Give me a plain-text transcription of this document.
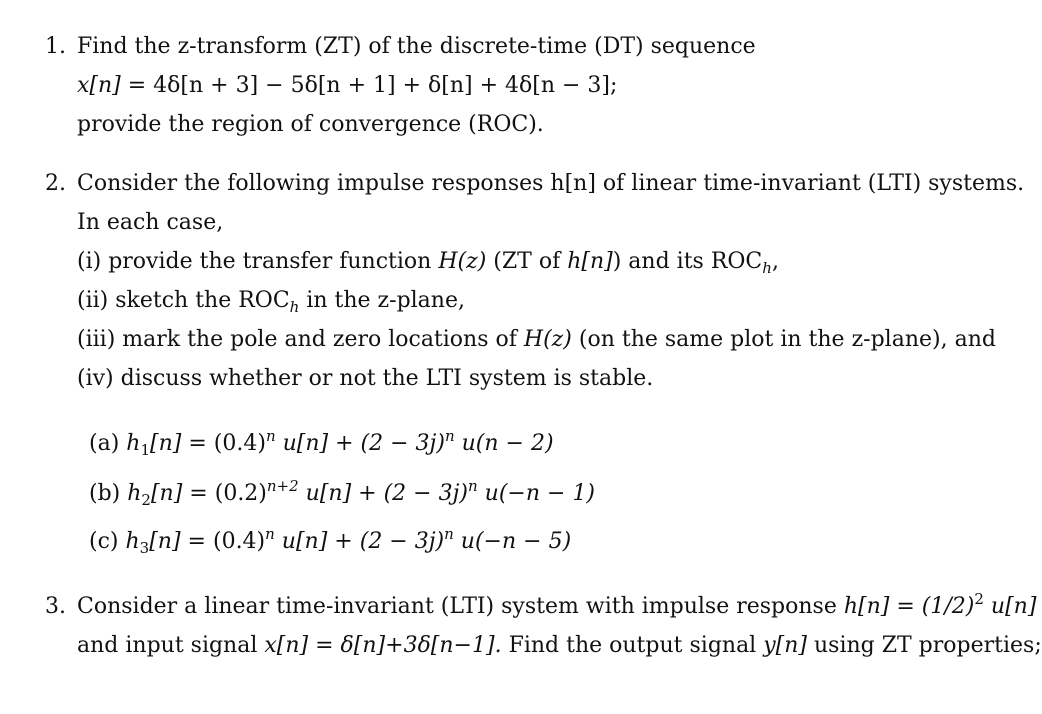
1. Find the z-transform (ZT) of the discrete-time (DT) sequence
x[n] = 4δ[n + 3] − 5δ[n + 1] + δ[n] + 4δ[n − 3];
provide the region of convergence (ROC).
2. Consider the following impulse responses h[n] of linear time-invariant (LTI) systems.
In each case,
(i) provide the transfer function H(z) (ZT of h[n]) and its $ROC_h$,
(ii) sketch the $ROC_h$ in the z-plane,
(iii) mark the pole and zero locations of H(z) (on the same plot in the z-plane), and
(iv) discuss whether or not the LTI system is stable.
(a) $h_1[n] = (0.4)^n$ $u[n] + (2 - 3j)^n$ u(n − 2)
(b) $h_2[n] = (0.2)^{n+2}$ $u[n] + (2 - 3j)^n$ u(−n − 1)
(c) $h_3[n] = (0.4)^n$ $u[n] + (2 - 3j)^n$ u(−n − 5)
3. Consider a linear time-invariant (LTI) system with impulse response $h[n] = (1/2)^2$ u[n]
and input signal x[n] = δ[n]+3δ[n−1]. Find the output signal y[n] using ZT properties;
